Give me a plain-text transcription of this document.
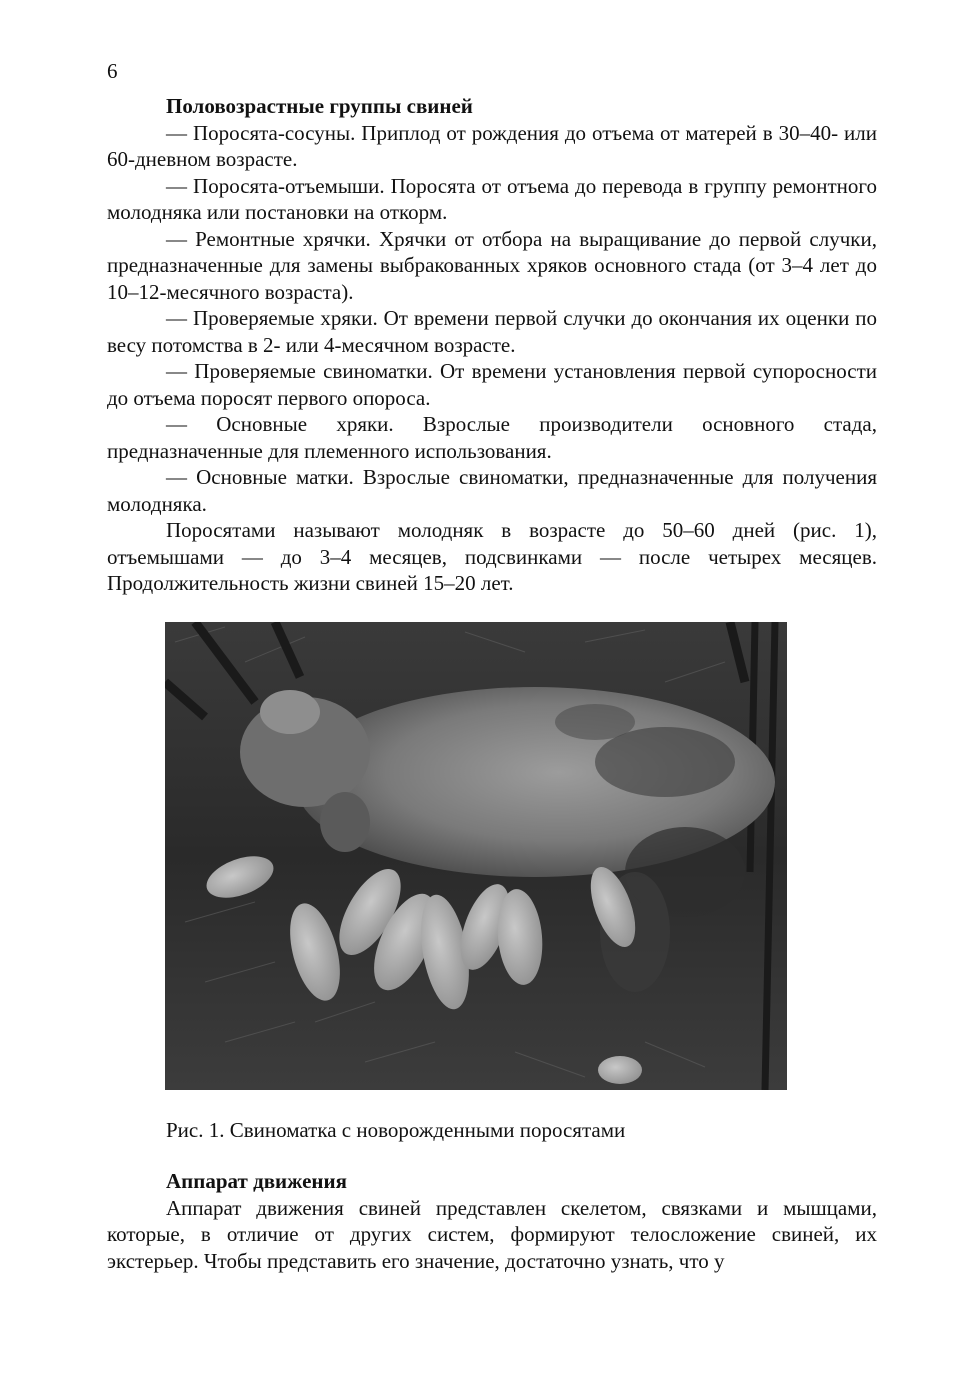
6

Половозрастные группы свиней

— Поросята-сосуны. Приплод от рождения до отъема от матерей в 30–40- или 60-дневном возрасте.

— Поросята-отъемыши. Поросята от отъема до перевода в группу ремонтного молодняка или постановки на откорм.

— Ремонтные хрячки. Хрячки от отбора на выращивание до первой случки, предназначенные для замены выбракованных хряков основного стада (от 3–4 лет до 10–12-месячного возраста).

— Проверяемые хряки. От времени первой случки до окончания их оценки по весу потомства в 2- или 4-месячном возрасте.

— Проверяемые свиноматки. От времени установления первой супоросности до отъема поросят первого опороса.

— Основные хряки. Взрослые производители основного стада, предназначенные для племенного использования.

— Основные матки. Взрослые свиноматки, предназначенные для получения молодняка.

Поросятами называют молодняк в возрасте до 50–60 дней (рис. 1), отъемышами — до 3–4 месяцев, подсвинками — после четырех месяцев. Продолжительность жизни свиней 15–20 лет.

Рис. 1. Свиноматка с новорожденными поросятами

Аппарат движения

Аппарат движения свиней представлен скелетом, связками и мышцами, которые, в отличие от других систем, формируют телосложение свиней, их экстерьер. Чтобы представить его значение, достаточно узнать, что у
